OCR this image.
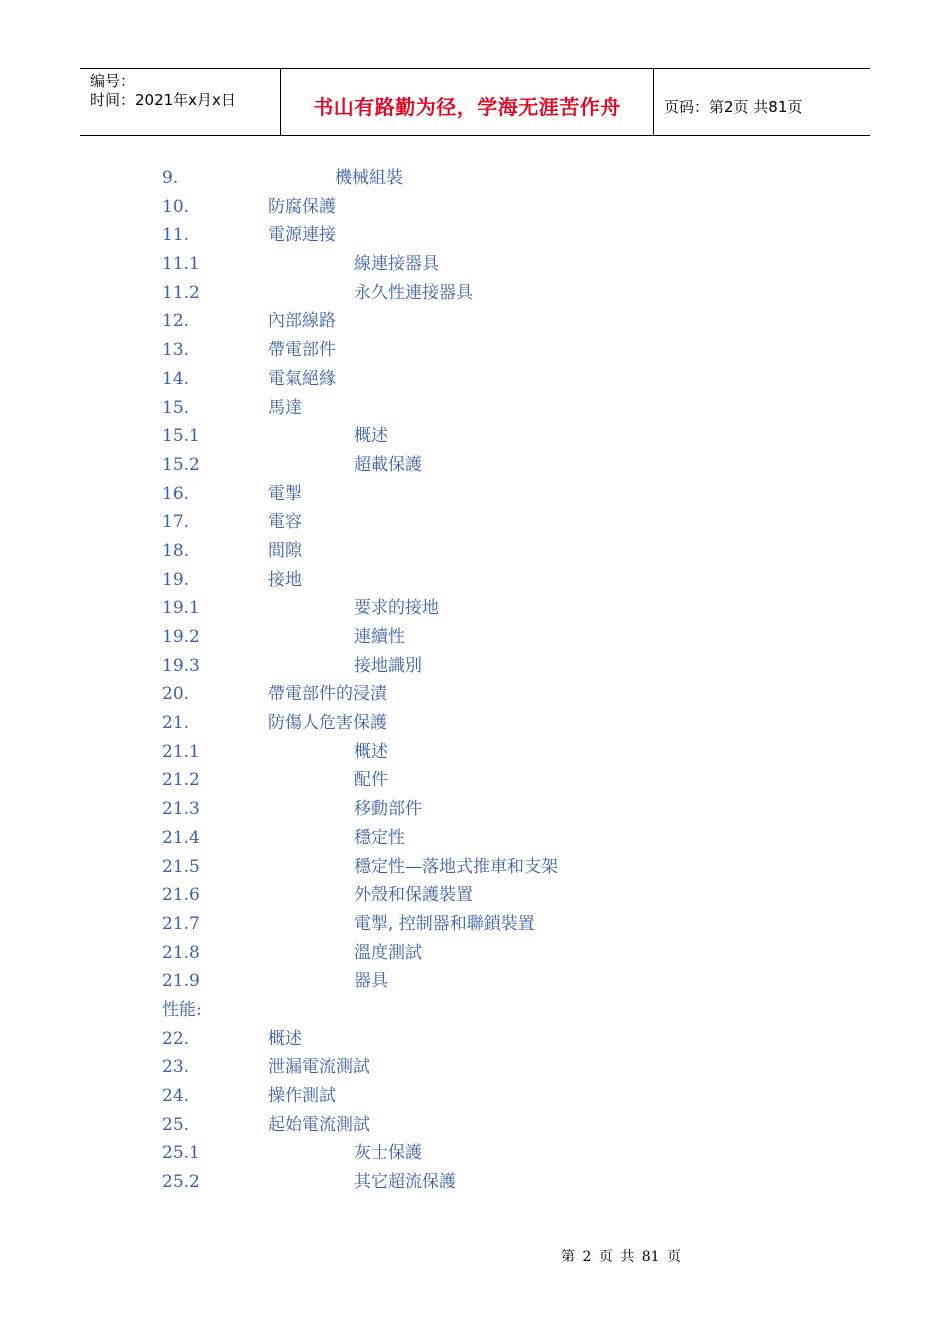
编号：
时间：2021年x月x日	书山有路勤为径，学海无涯苦作舟	页码：第2页 共81页
9.	機械組裝
10.	防腐保護
11.	電源連接
11.1	線連接器具
11.2	永久性連接器具
12.	內部線路
13.	帶電部件
14.	電氣絕緣
15.	馬達
15.1	概述
15.2	超載保護
16.	電掣
17.	電容
18.	間隙
19.	接地
19.1	要求的接地
19.2	連續性
19.3	接地識別
20.	帶電部件的浸漬
21.	防傷人危害保護
21.1	概述
21.2	配件
21.3	移動部件
21.4	穩定性
21.5	穩定性—落地式推車和支架
21.6	外殼和保護裝置
21.7	電掣, 控制器和聯鎖裝置
21.8	溫度測試
21.9	器具
性能:
22.	概述
23.	泄漏電流測試
24.	操作測試
25.	起始電流測試
25.1	灰士保護
25.2	其它超流保護
第 2 页 共 81 页
